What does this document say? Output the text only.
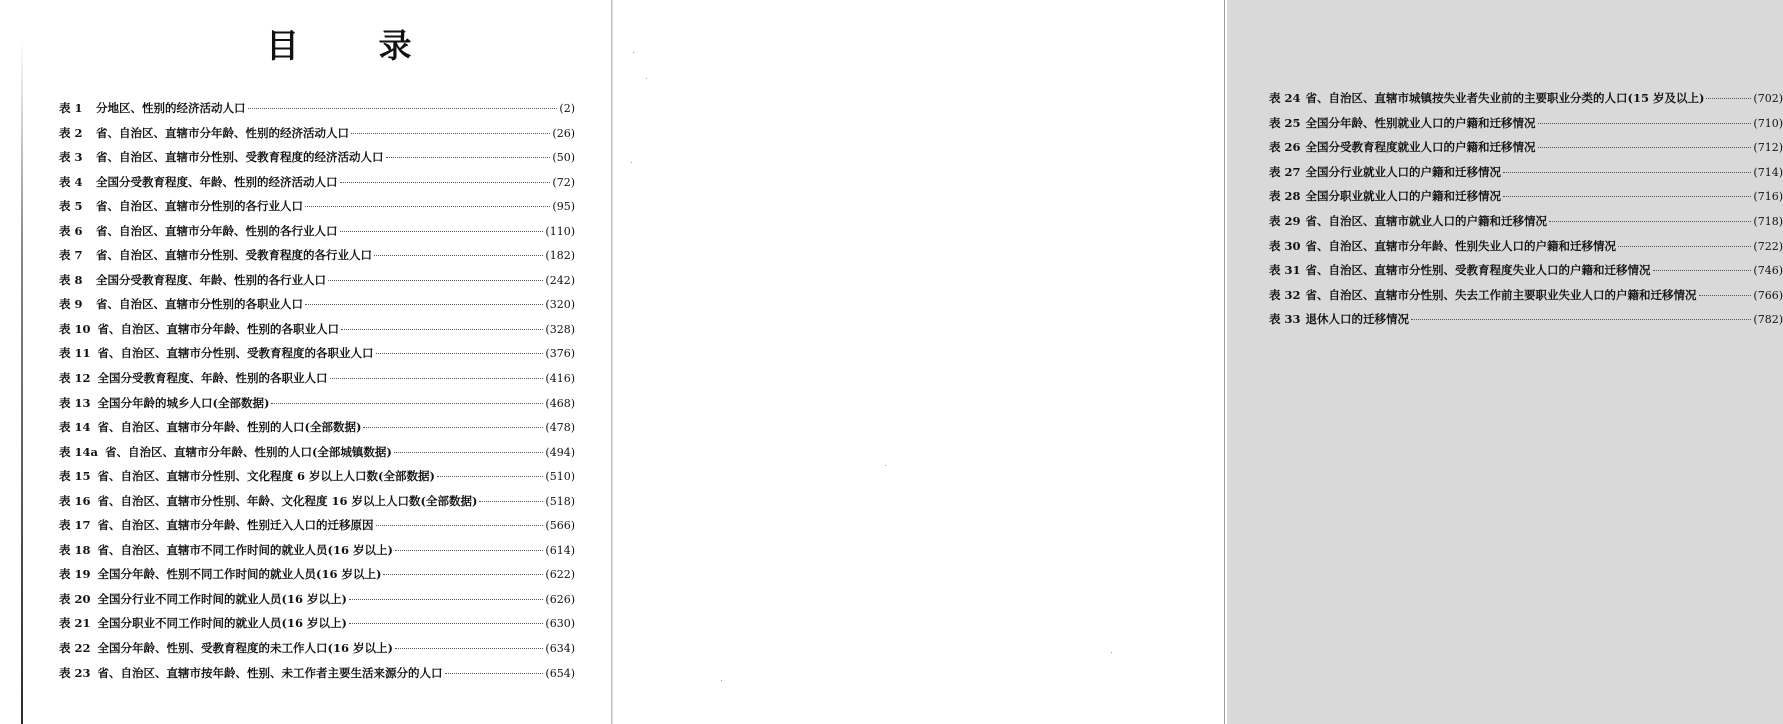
目 录
表 1	分地区、性别的经济活动人口	(2)
表 2	省、自治区、直辖市分年龄、性别的经济活动人口	(26)
表 3	省、自治区、直辖市分性别、受教育程度的经济活动人口	(50)
表 4	全国分受教育程度、年龄、性别的经济活动人口	(72)
表 5	省、自治区、直辖市分性别的各行业人口	(95)
表 6	省、自治区、直辖市分年龄、性别的各行业人口	(110)
表 7	省、自治区、直辖市分性别、受教育程度的各行业人口	(182)
表 8	全国分受教育程度、年龄、性别的各行业人口	(242)
表 9	省、自治区、直辖市分性别的各职业人口	(320)
表 10 省、自治区、直辖市分年龄、性别的各职业人口	(328)
表 11 省、自治区、直辖市分性别、受教育程度的各职业人口	(376)
表 12 全国分受教育程度、年龄、性别的各职业人口	(416)
表 13 全国分年龄的城乡人口(全部数据)	(468)
表 14 省、自治区、直辖市分年龄、性别的人口(全部数据)	(478)
表 14a 省、自治区、直辖市分年龄、性别的人口(全部城镇数据)	(494)
表 15 省、自治区、直辖市分性别、文化程度 6 岁以上人口数(全部数据)	(510)
表 16 省、自治区、直辖市分性别、年龄、文化程度 16 岁以上人口数(全部数据)	(518)
表 17 省、自治区、直辖市分年龄、性别迁入人口的迁移原因	(566)
表 18 省、自治区、直辖市不同工作时间的就业人员(16 岁以上)	(614)
表 19 全国分年龄、性别不同工作时间的就业人员(16 岁以上)	(622)
表 20 全国分行业不同工作时间的就业人员(16 岁以上)	(626)
表 21 全国分职业不同工作时间的就业人员(16 岁以上)	(630)
表 22 全国分年龄、性别、受教育程度的未工作人口(16 岁以上)	(634)
表 23 省、自治区、直辖市按年龄、性别、未工作者主要生活来源分的人口	(654)
表 24 省、自治区、直辖市城镇按失业者失业前的主要职业分类的人口(15 岁及以上)	(702)
表 25 全国分年龄、性别就业人口的户籍和迁移情况	(710)
表 26 全国分受教育程度就业人口的户籍和迁移情况	(712)
表 27 全国分行业就业人口的户籍和迁移情况	(714)
表 28 全国分职业就业人口的户籍和迁移情况	(716)
表 29 省、自治区、直辖市就业人口的户籍和迁移情况	(718)
表 30 省、自治区、直辖市分年龄、性别失业人口的户籍和迁移情况	(722)
表 31 省、自治区、直辖市分性别、受教育程度失业人口的户籍和迁移情况	(746)
表 32 省、自治区、直辖市分性别、失去工作前主要职业失业人口的户籍和迁移情况	(766)
表 33 退休人口的迁移情况	(782)
